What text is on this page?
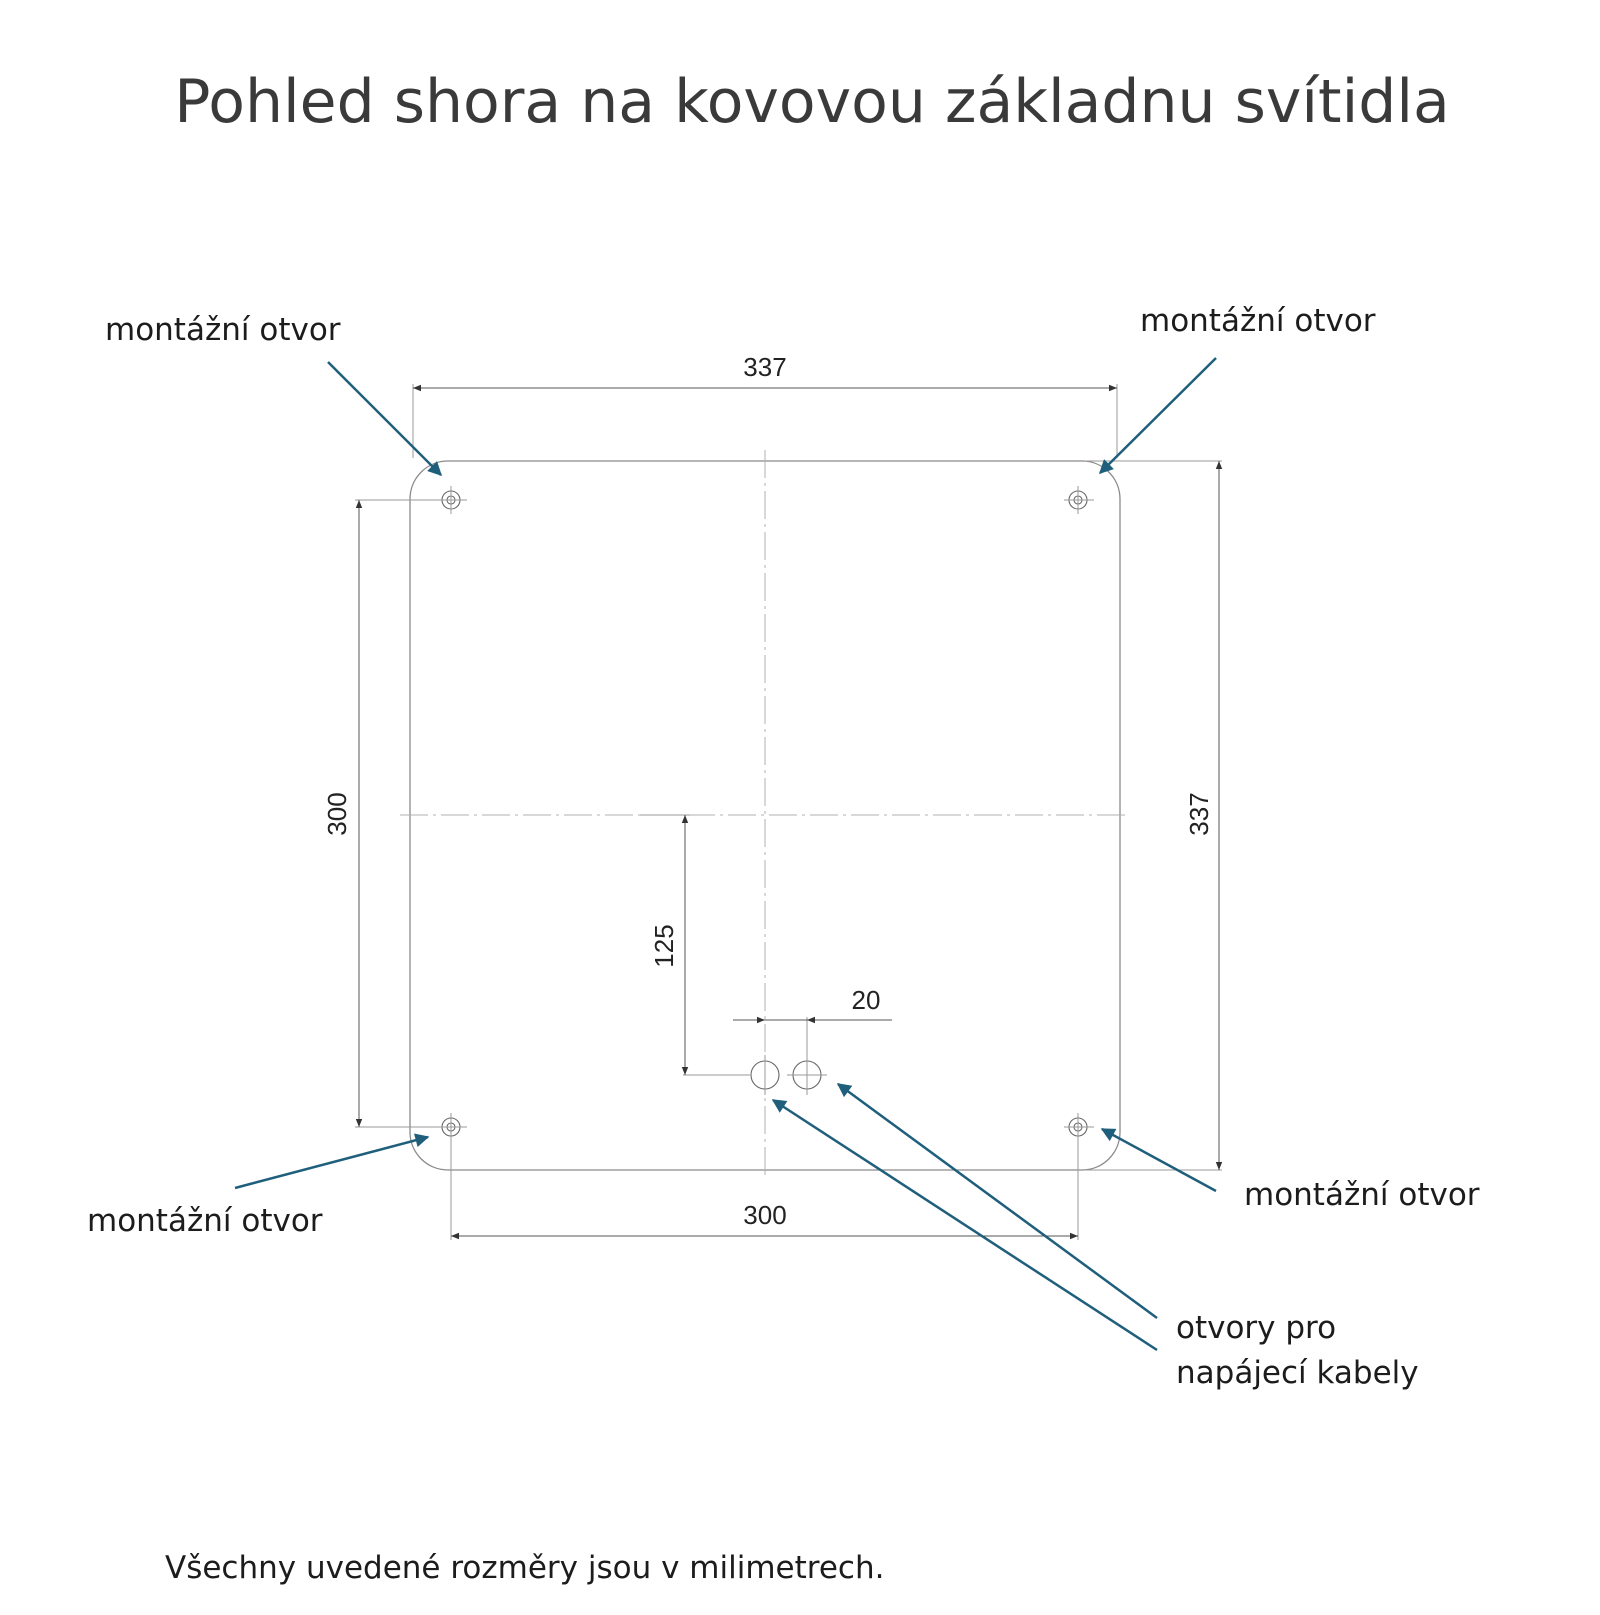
Pohled shora na kovovou základnu svítidla
337
300	337
125
20
300
montážní otvor	montážní otvor
montážní otvor
montážní otvor
otvory pro
napájecí kabely
Všechny uvedené rozměry jsou v milimetrech.
